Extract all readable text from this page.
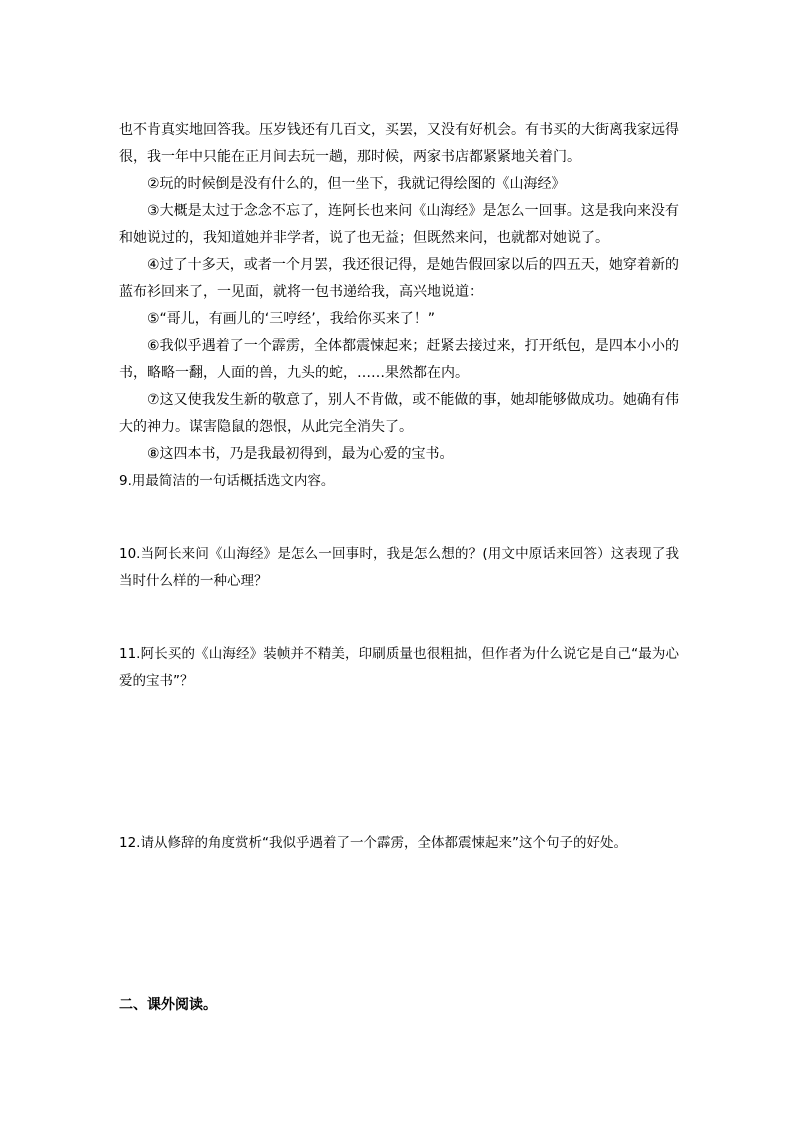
也不肯真实地回答我。压岁钱还有几百文，买罢，又没有好机会。有书买的大街离我家远得很，我一年中只能在正月间去玩一趟，那时候，两家书店都紧紧地关着门。

②玩的时候倒是没有什么的，但一坐下，我就记得绘图的《山海经》

③大概是太过于念念不忘了，连阿长也来问《山海经》是怎么一回事。这是我向来没有和她说过的，我知道她并非学者，说了也无益；但既然来问，也就都对她说了。

④过了十多天，或者一个月罢，我还很记得，是她告假回家以后的四五天，她穿着新的蓝布衫回来了，一见面，就将一包书递给我，高兴地说道：

⑤“哥儿，有画儿的‘三哼经’，我给你买来了！”

⑥我似乎遇着了一个霹雳，全体都震悚起来；赶紧去接过来，打开纸包，是四本小小的书，略略一翻，人面的兽，九头的蛇，……果然都在内。

⑦这又使我发生新的敬意了，别人不肯做，或不能做的事，她却能够做成功。她确有伟大的神力。谋害隐鼠的怨恨，从此完全消失了。

⑧这四本书，乃是我最初得到，最为心爱的宝书。

9.用最简洁的一句话概括选文内容。

10.当阿长来问《山海经》是怎么一回事时，我是怎么想的？(用文中原话来回答）这表现了我当时什么样的一种心理？

11.阿长买的《山海经》装帧并不精美，印刷质量也很粗拙，但作者为什么说它是自己“最为心爱的宝书”？

12.请从修辞的角度赏析“我似乎遇着了一个霹雳，全体都震悚起来”这个句子的好处。

二、课外阅读。
